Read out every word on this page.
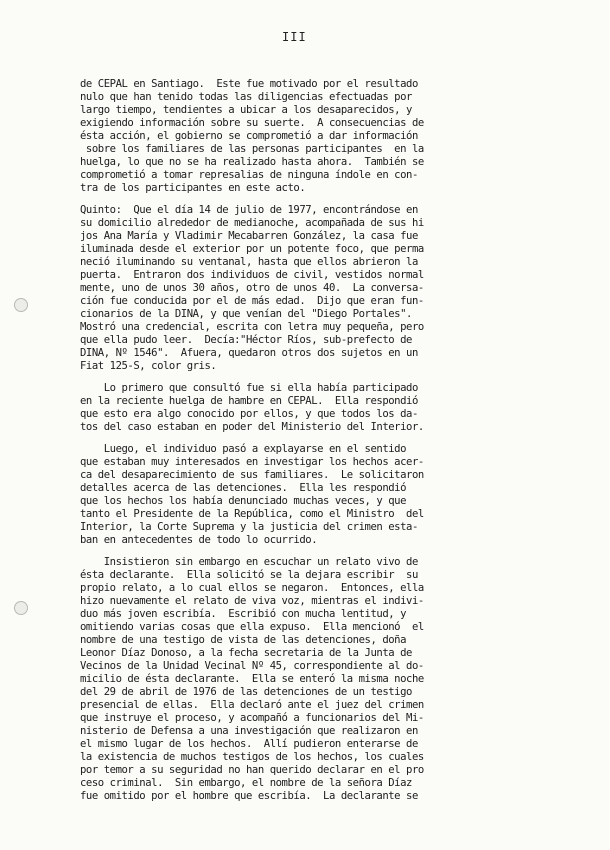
III
de CEPAL en Santiago.  Este fue motivado por el resultado
nulo que han tenido todas las diligencias efectuadas por
largo tiempo, tendientes a ubicar a los desaparecidos, y
exigiendo información sobre su suerte.  A consecuencias de
ésta acción, el gobierno se comprometió a dar información
sobre los familiares de las personas participantes  en la
huelga, lo que no se ha realizado hasta ahora.  También se
comprometió a tomar represalias de ninguna índole en con-
tra de los participantes en este acto.
Quinto:  Que el día 14 de julio de 1977, encontrándose en
su domicilio alrededor de medianoche, acompañada de sus hi
jos Ana María y Vladimir Mecabarren González, la casa fue
iluminada desde el exterior por un potente foco, que perma
neció iluminando su ventanal, hasta que ellos abrieron la
puerta.  Entraron dos individuos de civil, vestidos normal
mente, uno de unos 30 años, otro de unos 40.  La conversa-
ción fue conducida por el de más edad.  Dijo que eran fun-
cionarios de la DINA, y que venían del "Diego Portales".
Mostró una credencial, escrita con letra muy pequeña, pero
que ella pudo leer.  Decía:"Héctor Ríos, sub-prefecto de
DINA, Nº 1546".  Afuera, quedaron otros dos sujetos en un
Fiat 125-S, color gris.
Lo primero que consultó fue si ella había participado
en la reciente huelga de hambre en CEPAL.  Ella respondió
que esto era algo conocido por ellos, y que todos los da-
tos del caso estaban en poder del Ministerio del Interior.
Luego, el individuo pasó a explayarse en el sentido
que estaban muy interesados en investigar los hechos acer-
ca del desaparecimiento de sus familiares.  Le solicitaron
detalles acerca de las detenciones.  Ella les respondió
que los hechos los había denunciado muchas veces, y que
tanto el Presidente de la República, como el Ministro  del
Interior, la Corte Suprema y la justicia del crimen esta-
ban en antecedentes de todo lo ocurrido.
Insistieron sin embargo en escuchar un relato vivo de
ésta declarante.  Ella solicitó se la dejara escribir  su
propio relato, a lo cual ellos se negaron.  Entonces, ella
hizo nuevamente el relato de viva voz, mientras el indivi-
duo más joven escribía.  Escribió con mucha lentitud, y
omitiendo varias cosas que ella expuso.  Ella mencionó  el
nombre de una testigo de vista de las detenciones, doña
Leonor Díaz Donoso, a la fecha secretaria de la Junta de
Vecinos de la Unidad Vecinal Nº 45, correspondiente al do-
micilio de ésta declarante.  Ella se enteró la misma noche
del 29 de abril de 1976 de las detenciones de un testigo
presencial de ellas.  Ella declaró ante el juez del crimen
que instruye el proceso, y acompañó a funcionarios del Mi-
nisterio de Defensa a una investigación que realizaron en
el mismo lugar de los hechos.  Allí pudieron enterarse de
la existencia de muchos testigos de los hechos, los cuales
por temor a su seguridad no han querido declarar en el pro
ceso criminal.  Sin embargo, el nombre de la señora Díaz
fue omitido por el hombre que escribía.  La declarante se
